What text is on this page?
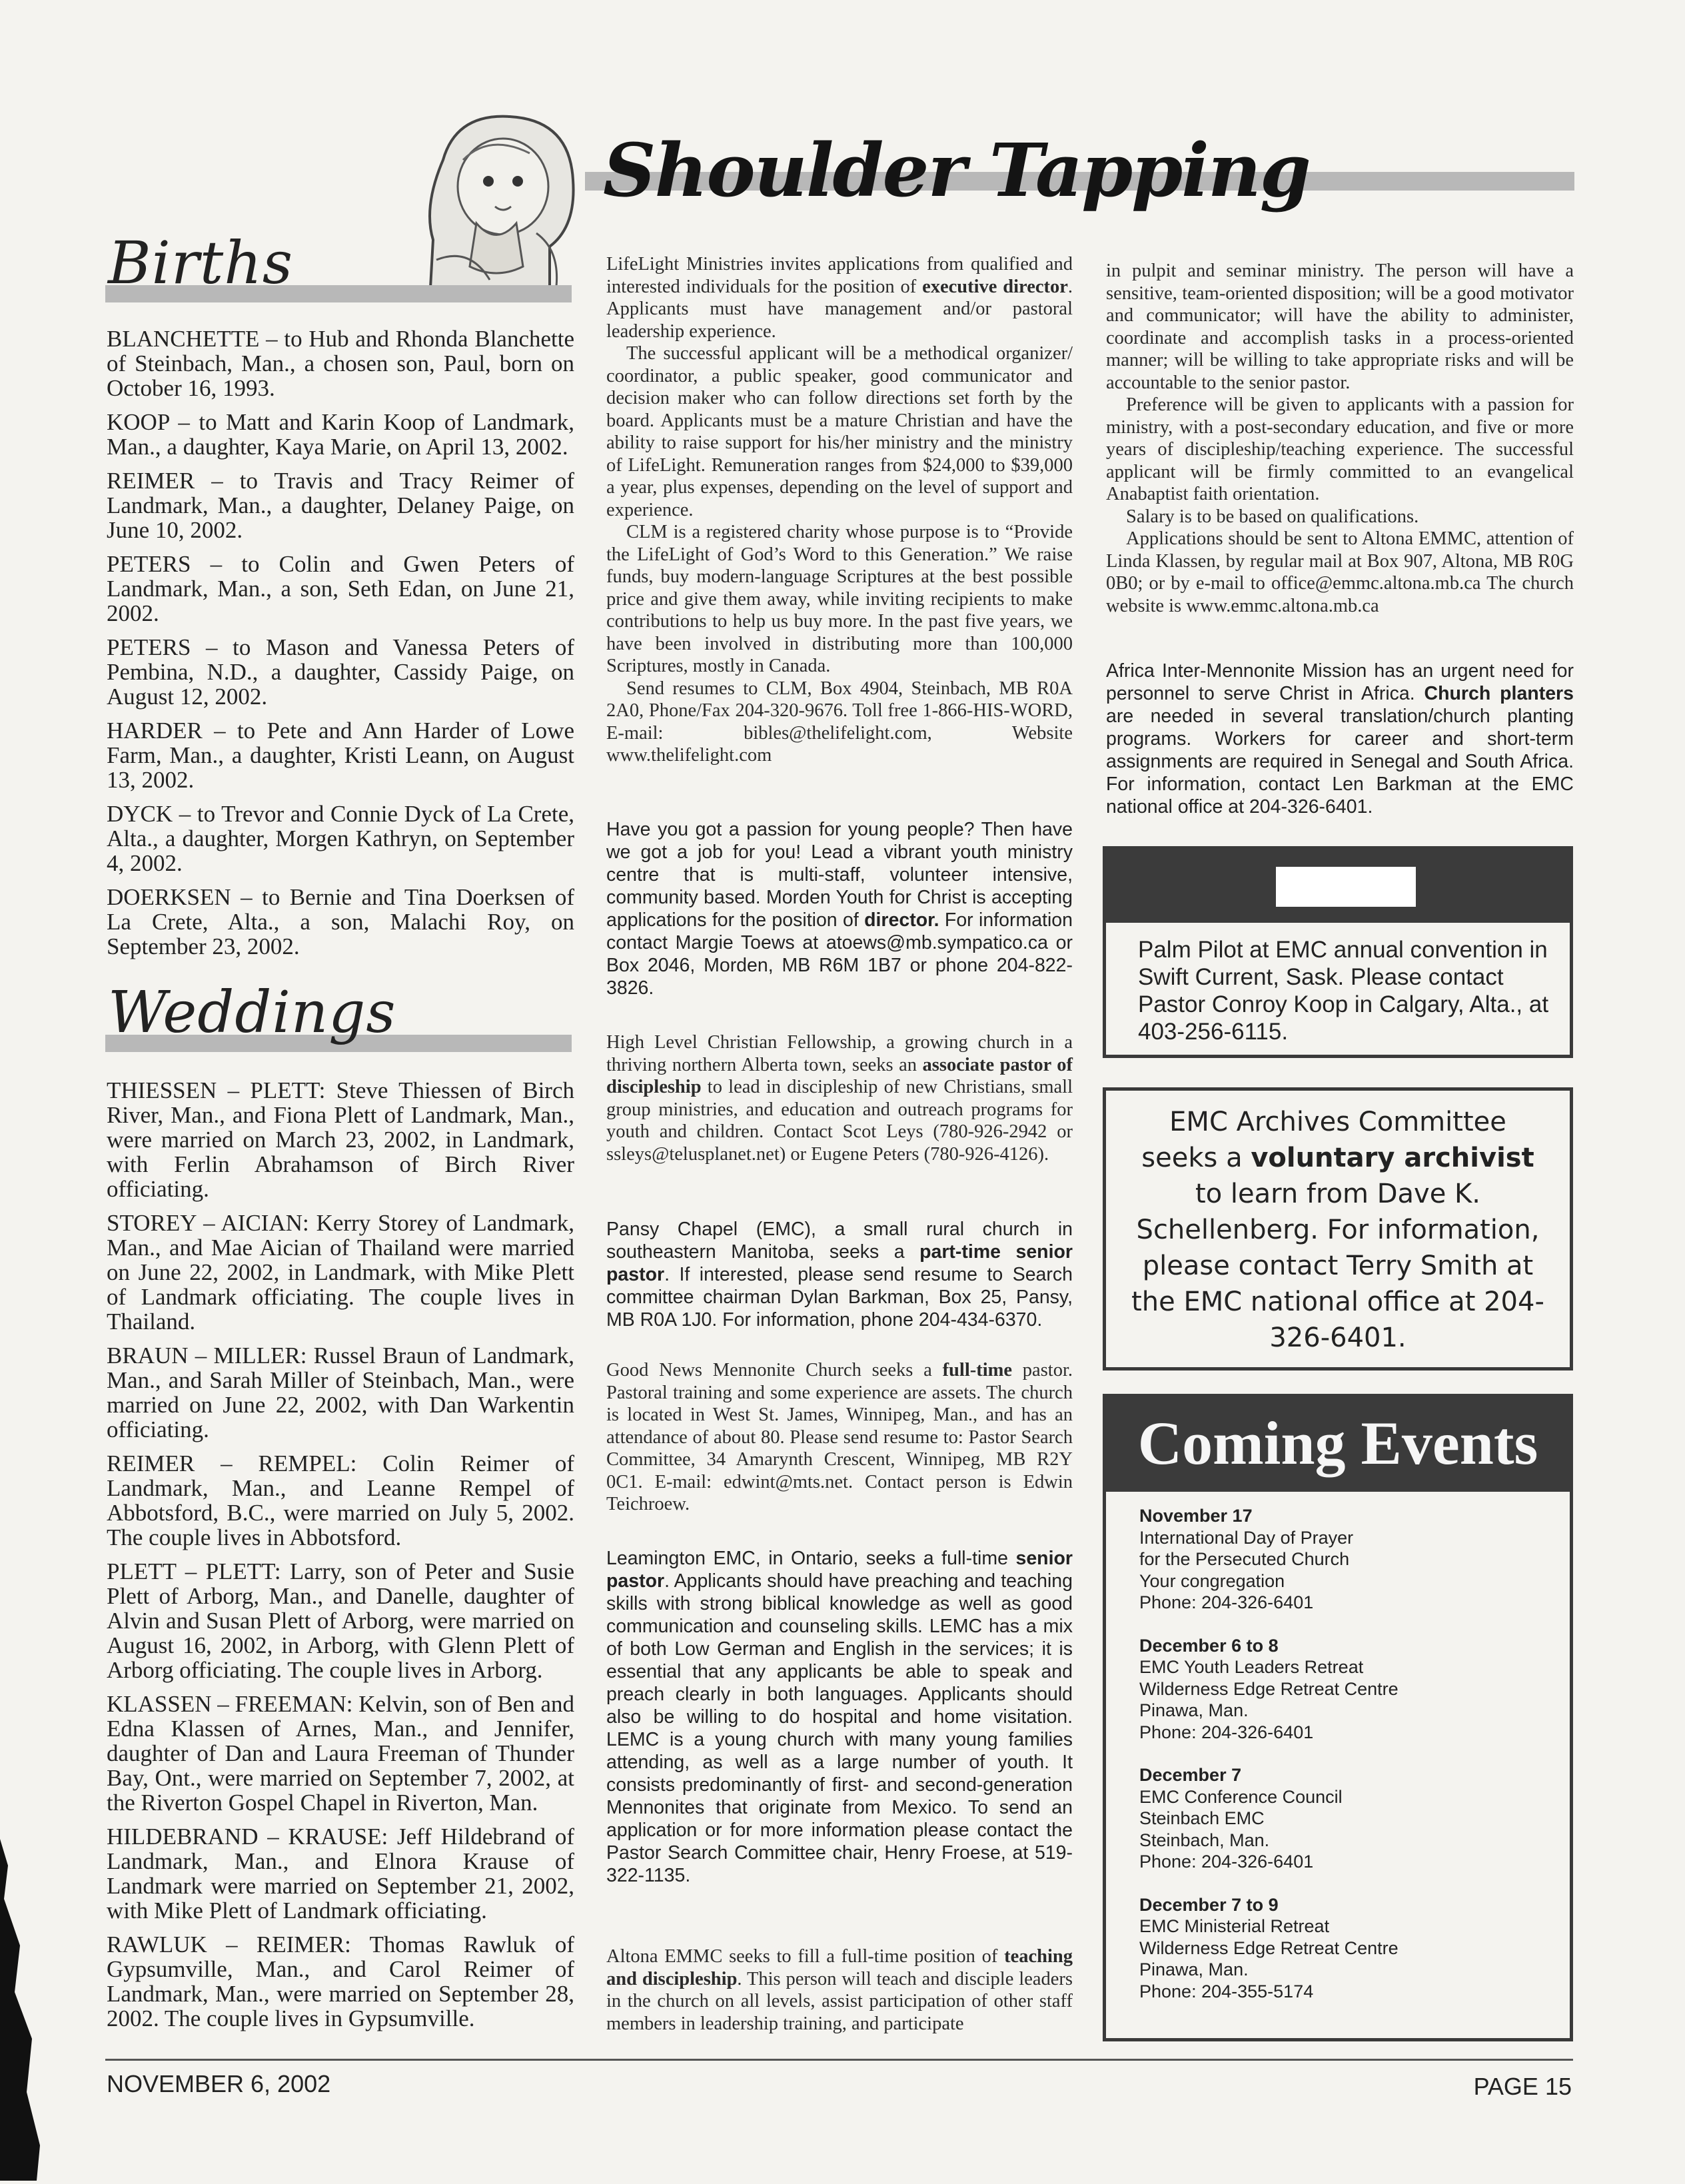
Shoulder Tapping
Births

BLANCHETTE – to Hub and Rhonda Blanchette of Steinbach, Man., a chosen son, Paul, born on October 16, 1993.

KOOP – to Matt and Karin Koop of Landmark, Man., a daughter, Kaya Marie, on April 13, 2002.

REIMER – to Travis and Tracy Reimer of Landmark, Man., a daughter, Delaney Paige, on June 10, 2002.

PETERS – to Colin and Gwen Peters of Landmark, Man., a son, Seth Edan, on June 21, 2002.

PETERS – to Mason and Vanessa Peters of Pembina, N.D., a daughter, Cassidy Paige, on August 12, 2002.

HARDER – to Pete and Ann Harder of Lowe Farm, Man., a daughter, Kristi Leann, on August 13, 2002.

DYCK – to Trevor and Connie Dyck of La Crete, Alta., a daughter, Morgen Kathryn, on September 4, 2002.

DOERKSEN – to Bernie and Tina Doerksen of La Crete, Alta., a son, Malachi Roy, on September 23, 2002.

Weddings

THIESSEN – PLETT: Steve Thiessen of Birch River, Man., and Fiona Plett of Landmark, Man., were married on March 23, 2002, in Landmark, with Ferlin Abrahamson of Birch River officiating.

STOREY – AICIAN: Kerry Storey of Landmark, Man., and Mae Aician of Thailand were married on June 22, 2002, in Landmark, with Mike Plett of Landmark officiating. The couple lives in Thailand.

BRAUN – MILLER: Russel Braun of Landmark, Man., and Sarah Miller of Steinbach, Man., were married on June 22, 2002, with Dan Warkentin officiating.

REIMER – REMPEL: Colin Reimer of Landmark, Man., and Leanne Rempel of Abbotsford, B.C., were married on July 5, 2002. The couple lives in Abbotsford.

PLETT – PLETT: Larry, son of Peter and Susie Plett of Arborg, Man., and Danelle, daughter of Alvin and Susan Plett of Arborg, were married on August 16, 2002, in Arborg, with Glenn Plett of Arborg officiating. The couple lives in Arborg.

KLASSEN – FREEMAN: Kelvin, son of Ben and Edna Klassen of Arnes, Man., and Jennifer, daughter of Dan and Laura Freeman of Thunder Bay, Ont., were married on September 7, 2002, at the Riverton Gospel Chapel in Riverton, Man.

HILDEBRAND – KRAUSE: Jeff Hildebrand of Landmark, Man., and Elnora Krause of Landmark were married on September 21, 2002, with Mike Plett of Landmark officiating.

RAWLUK – REIMER: Thomas Rawluk of Gypsumville, Man., and Carol Reimer of Landmark, Man., were married on September 28, 2002. The couple lives in Gypsumville.

LifeLight Ministries invites applications from qualified and interested individuals for the position of executive director. Applicants must have management and/or pastoral leadership experience.

The successful applicant will be a methodical organizer/ coordinator, a public speaker, good communicator and decision maker who can follow directions set forth by the board. Applicants must be a mature Christian and have the ability to raise support for his/her ministry and the ministry of LifeLight. Remuneration ranges from $24,000 to $39,000 a year, plus expenses, depending on the level of support and experience.

CLM is a registered charity whose purpose is to “Provide the LifeLight of God’s Word to this Generation.” We raise funds, buy modern-language Scriptures at the best possible price and give them away, while inviting recipients to make contributions to help us buy more. In the past five years, we have been involved in distributing more than 100,000 Scriptures, mostly in Canada.

Send resumes to CLM, Box 4904, Steinbach, MB R0A 2A0, Phone/Fax 204-320-9676. Toll free 1-866-HIS-WORD, E-mail: bibles@thelifelight.com, Website www.thelifelight.com

Have you got a passion for young people? Then have we got a job for you! Lead a vibrant youth ministry centre that is multi-staff, volunteer intensive, community based. Morden Youth for Christ is accepting applications for the position of director. For information contact Margie Toews at atoews@mb.sympatico.ca or Box 2046, Morden, MB R6M 1B7 or phone 204-822-3826.

High Level Christian Fellowship, a growing church in a thriving northern Alberta town, seeks an associate pastor of discipleship to lead in discipleship of new Christians, small group ministries, and education and outreach programs for youth and children. Contact Scot Leys (780-926-2942 or ssleys@telusplanet.net) or Eugene Peters (780-926-4126).

Pansy Chapel (EMC), a small rural church in southeastern Manitoba, seeks a part-time senior pastor. If interested, please send resume to Search committee chairman Dylan Barkman, Box 25, Pansy, MB R0A 1J0. For information, phone 204-434-6370.

Good News Mennonite Church seeks a full-time pastor. Pastoral training and some experience are assets. The church is located in West St. James, Winnipeg, Man., and has an attendance of about 80. Please send resume to: Pastor Search Committee, 34 Amarynth Crescent, Winnipeg, MB R2Y 0C1. E-mail: edwint@mts.net. Contact person is Edwin Teichroew.

Leamington EMC, in Ontario, seeks a full-time senior pastor. Applicants should have preaching and teaching skills with strong biblical knowledge as well as good communication and counseling skills. LEMC has a mix of both Low German and English in the services; it is essential that any applicants be able to speak and preach clearly in both languages. Applicants should also be willing to do hospital and home visitation. LEMC is a young church with many young families attending, as well as a large number of youth. It consists predominantly of first- and second-generation Mennonites that originate from Mexico. To send an application or for more information please contact the Pastor Search Committee chair, Henry Froese, at 519-322-1135.

Altona EMMC seeks to fill a full-time position of teaching and discipleship. This person will teach and disciple leaders in the church on all levels, assist participation of other staff members in leadership training, and participate

in pulpit and seminar ministry. The person will have a sensitive, team-oriented disposition; will be a good motivator and communicator; will have the ability to administer, coordinate and accomplish tasks in a process-oriented manner; will be willing to take appropriate risks and will be accountable to the senior pastor.

Preference will be given to applicants with a passion for ministry, with a post-secondary education, and five or more years of discipleship/teaching experience. The successful applicant will be firmly committed to an evangelical Anabaptist faith orientation.

Salary is to be based on qualifications.

Applications should be sent to Altona EMMC, attention of Linda Klassen, by regular mail at Box 907, Altona, MB R0G 0B0; or by e-mail to office@emmc.altona.mb.ca The church website is www.emmc.altona.mb.ca

Africa Inter-Mennonite Mission has an urgent need for personnel to serve Christ in Africa. Church planters are needed in several translation/church planting programs. Workers for career and short-term assignments are required in Senegal and South Africa. For information, contact Len Barkman at the EMC national office at 204-326-6401.

Palm Pilot at EMC annual convention in Swift Current, Sask. Please contact Pastor Conroy Koop in Calgary, Alta., at 403-256-6115.
EMC Archives Committee seeks a voluntary archivist to learn from Dave K. Schellenberg. For information, please contact Terry Smith at the EMC national office at 204-326-6401.
Coming Events
November 17
International Day of Prayer
for the Persecuted Church
Your congregation
Phone: 204-326-6401
December 6 to 8
EMC Youth Leaders Retreat
Wilderness Edge Retreat Centre
Pinawa, Man.
Phone: 204-326-6401
December 7
EMC Conference Council
Steinbach EMC
Steinbach, Man.
Phone: 204-326-6401
December 7 to 9
EMC Ministerial Retreat
Wilderness Edge Retreat Centre
Pinawa, Man.
Phone: 204-355-5174
NOVEMBER 6, 2002	PAGE 15
